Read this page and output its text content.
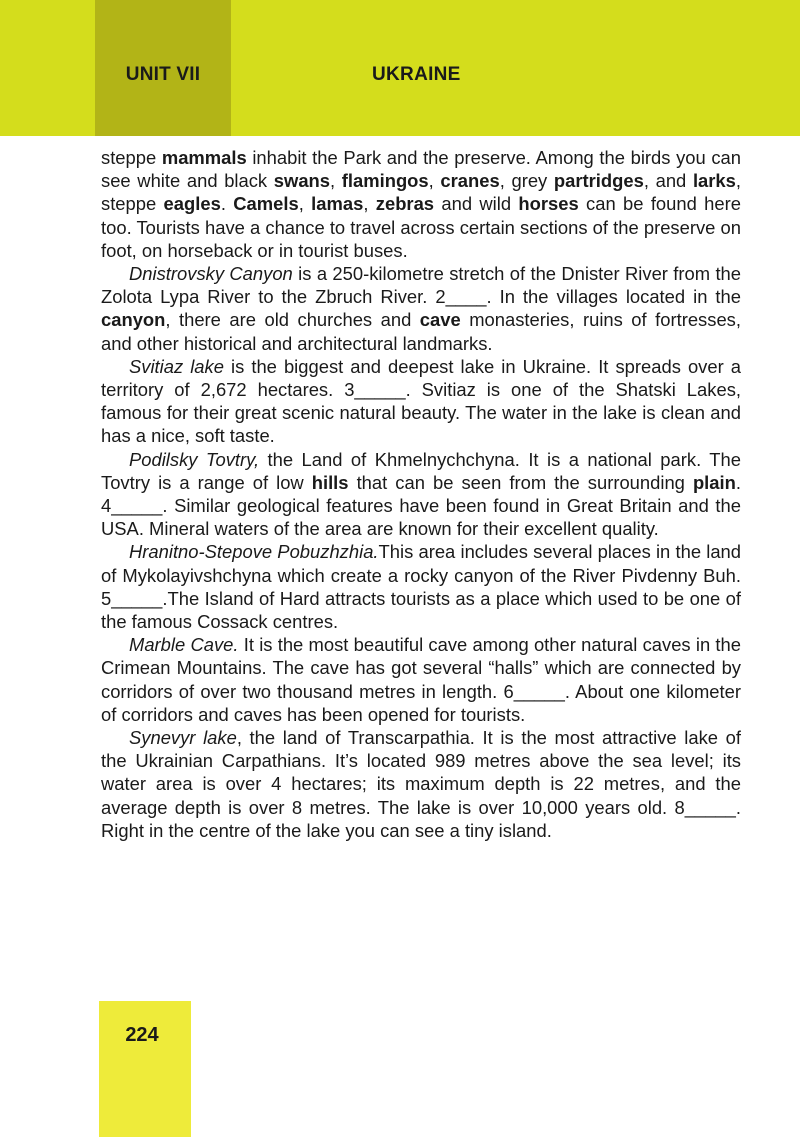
UNIT VII	UKRAINE

steppe mammals inhabit the Park and the preserve. Among the birds you can see white and black swans, flamingos, cranes, grey partridges, and larks, steppe eagles. Camels, lamas, zebras and wild horses can be found here too. Tourists have a chance to travel across certain sections of the preserve on foot, on horseback or in tourist buses.

Dnistrovsky Canyon is a 250-kilometre stretch of the Dnister River from the Zolota Lypa River to the Zbruch River. 2____. In the villages located in the canyon, there are old churches and cave monasteries, ruins of fortresses, and other historical and architectural landmarks.

Svitiaz lake is the biggest and deepest lake in Ukraine. It spreads over a territory of 2,672 hectares. 3_____. Svitiaz is one of the Shatski Lakes, famous for their great scenic natural beauty. The water in the lake is clean and has a nice, soft taste.

Podilsky Tovtry, the Land of Khmelnychchyna. It is a national park. The Tovtry is a range of low hills that can be seen from the surrounding plain. 4_____. Similar geological features have been found in Great Britain and the USA. Mineral waters of the area are known for their excellent quality.

Hranitno-Stepove Pobuzhzhia.This area includes several places in the land of Mykolayivshchyna which create a rocky canyon of the River Pivdenny Buh. 5_____.The Island of Hard attracts tourists as a place which used to be one of the famous Cossack centres.

Marble Cave. It is the most beautiful cave among other natural caves in the Crimean Mountains. The cave has got several “halls” which are connected by corridors of over two thousand metres in length. 6_____. About one kilometer of corridors and caves has been opened for tourists.

Synevyr lake, the land of Transcarpathia. It is the most attractive lake of the Ukrainian Carpathians. It’s located 989 metres above the sea level; its water area is over 4 hectares; its maximum depth is 22 metres, and the average depth is over 8 metres. The lake is over 10,000 years old. 8_____. Right in the centre of the lake you can see a tiny island.

224
